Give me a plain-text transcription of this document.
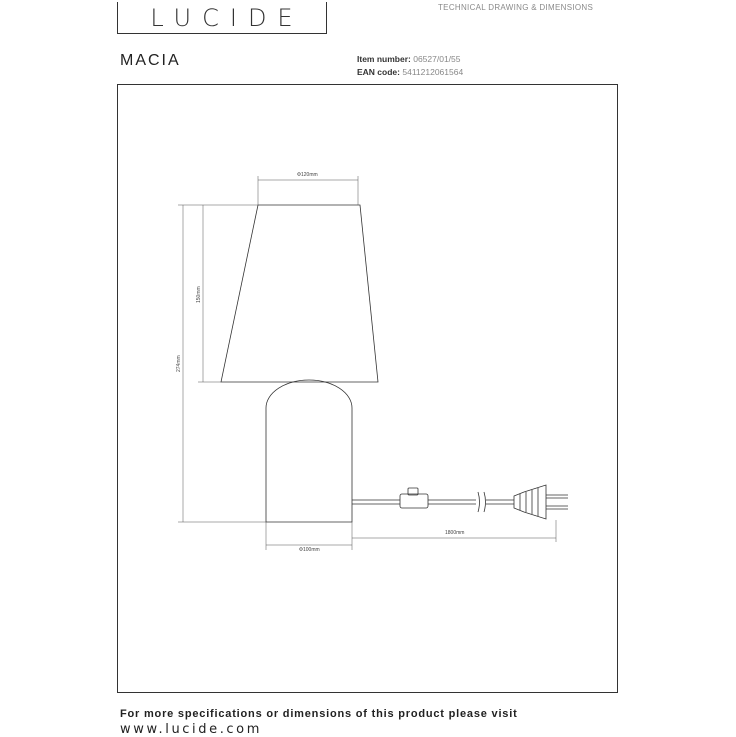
LUCIDE	TECHNICAL DRAWING & DIMENSIONS
MACIA	Item number: 06527/01/55
EAN code: 5411212061564
Φ120mm
150mm
274mm
Φ100mm
1800mm
For more specifications or dimensions of this product please visit
www.lucide.com
